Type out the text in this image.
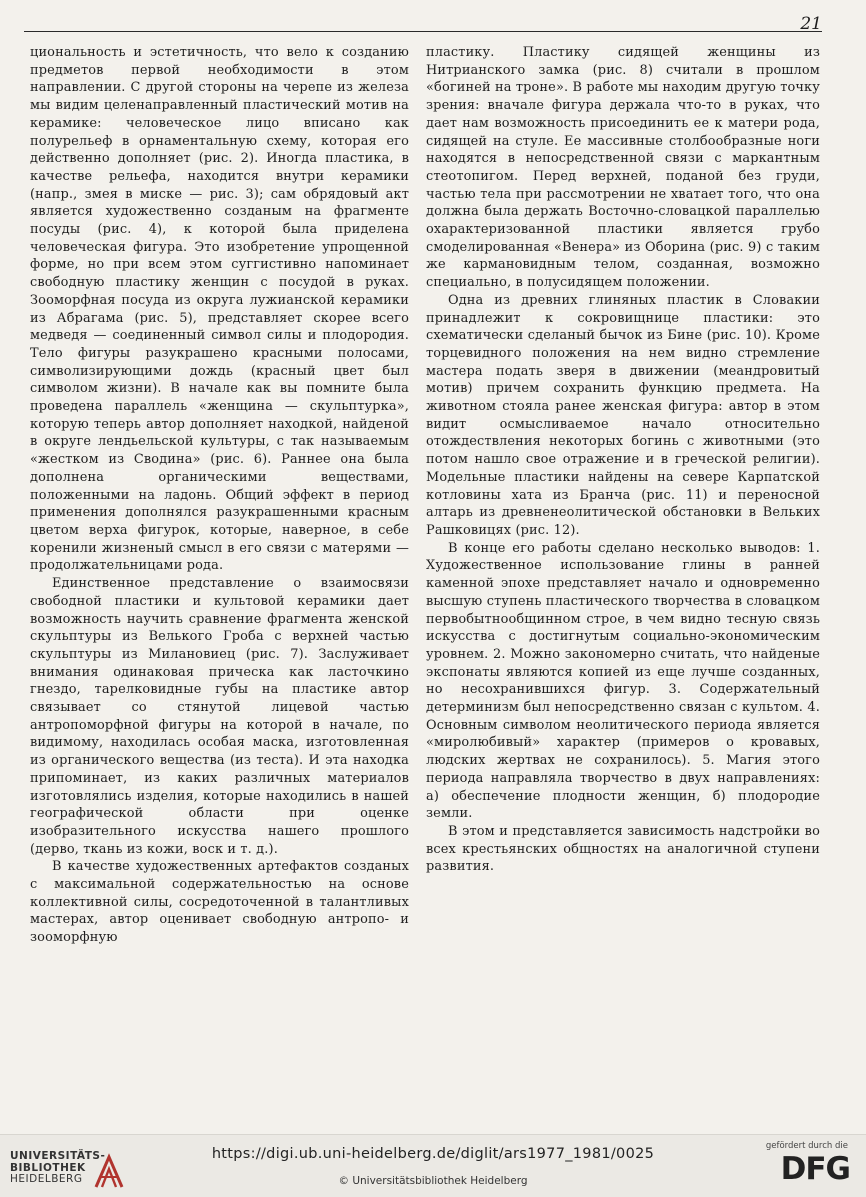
21

циональность и эстетичность, что вело к созданию предметов первой необходимости в этом направлении. С другой стороны на черепе из железа мы видим целенаправленный пластический мотив на керамике: человеческое лицо вписано как полурельеф в орнаментальную схему, которая его действенно дополняет (рис. 2). Иногда пластика, в качестве рельефа, находится внутри керамики (напр., змея в миске — рис. 3); сам обрядовый акт является художественно созданым на фрагменте посуды (рис. 4), к которой была приделена человеческая фигура. Это изобретение упрощенной форме, но при всем этом суггистивно напоминает свободную пластику женщин с посудой в руках. Зооморфная посуда из округа лужианской керамики из Абрагама (рис. 5), представляет скорее всего медведя — соединенный символ силы и плодородия. Тело фигуры разукрашено красными полосами, символизирующими дождь (красный цвет был символом жизни). В начале как вы помните была проведена параллель «женщина — скульптурка», которую теперь автор дополняет находкой, найденой в округе лендьельской культуры, с так называемым «жестком из Сводина» (рис. 6). Раннее она была дополнена органическими веществами, положенными на ладонь. Общий эффект в период применения дополнялся разукрашенными красным цветом верха фигурок, которые, наверное, в себе коренили жизненый смысл в его связи с матерями — продолжательницами рода.

Единственное представление о взаимосвязи свободной пластики и культовой керамики дает возможность научить сравнение фрагмента женской скульптуры из Велького Гроба с верхней частью скульптуры из Милановиец (рис. 7). Заслуживает внимания одинаковая прическа как ласточкино гнездо, тарелковидные губы на пластике автор связывает со стянутой лицевой частью антропоморфной фигуры на которой в начале, по видимому, находилась особая маска, изготовленная из органического вещества (из теста). И эта находка припоминает, из каких различных материалов изготовлялись изделия, которые находились в нашей географической области при оценке изобразительного искусства нашего прошлого (дерво, ткань из кожи, воск и т. д.).

В качестве художественных артефактов созданых с максимальной содержательностью на основе коллективной силы, сосредоточенной в талантливых мастерах, автор оценивает свободную антропо- и зооморфную

пластику. Пластику сидящей женщины из Нитрианского замка (рис. 8) считали в прошлом «богиней на троне». В работе мы находим другую точку зрения: вначале фигура держала что-то в руках, что дает нам возможность присоединить ее к матери рода, сидящей на стуле. Ее массивные столбообразные ноги находятся в непосредственной связи с маркантным стеотопигом. Перед верхней, поданой без груди, частью тела при рассмотрении не хватает того, что она должна была держать Восточно-словацкой параллелью охарактеризованной пластики является грубо смоделированная «Венера» из Оборина (рис. 9) с таким же карманoвидным телом, созданная, возможно специально, в полусидящем положении.

Одна из древних глиняных пластик в Словакии принадлежит к сокровищнице пластики: это схематически сделаный бычок из Бине (рис. 10). Кроме торцевидного положения на нем видно стремление мастера подать зверя в движении (меандровитый мотив) причем сохранить функцию предмета. На животном стояла ранее женская фигура: автор в этом видит осмысливаемое начало относительно отождествления некоторых богинь с животными (это потом нашло свое отражение и в греческой религии). Модельные пластики найдены на севере Карпатской котловины хата из Бранча (рис. 11) и переносной алтарь из древненеолитической обстановки в Вельких Рашковицях (рис. 12).

В конце его работы сделано несколько выводов: 1. Художественное использование глины в ранней каменной эпохе представляет начало и одновременно высшую ступень пластического творчества в словацком первобытнообщинном строе, в чем видно тесную связь искусства с достигнутым социально-экономическим уровнем. 2. Можно закономерно считать, что найденые экспонаты являются копией из еще лучше созданных, но несохранившихся фигур. 3. Содержательный детерминизм был непосредственно связан с культом. 4. Основным символом неолитического периода является «миролюбивый» характер (примеров о кровавых, людских жертвах не сохранилось). 5. Магия этого периода направляла творчество в двух направлениях: а) обеспечение плодности женщин, б) плодородие земли.

В этом и представляется зависимость надстройки во всех крестьянских общностях на аналогичной ступени развития.

UNIVERSITÄTS-
BIBLIOTHEK
HEIDELBERG
https://digi.ub.uni-heidelberg.de/diglit/ars1977_1981/0025
© Universitätsbibliothek Heidelberg
gefördert durch die
DFG
